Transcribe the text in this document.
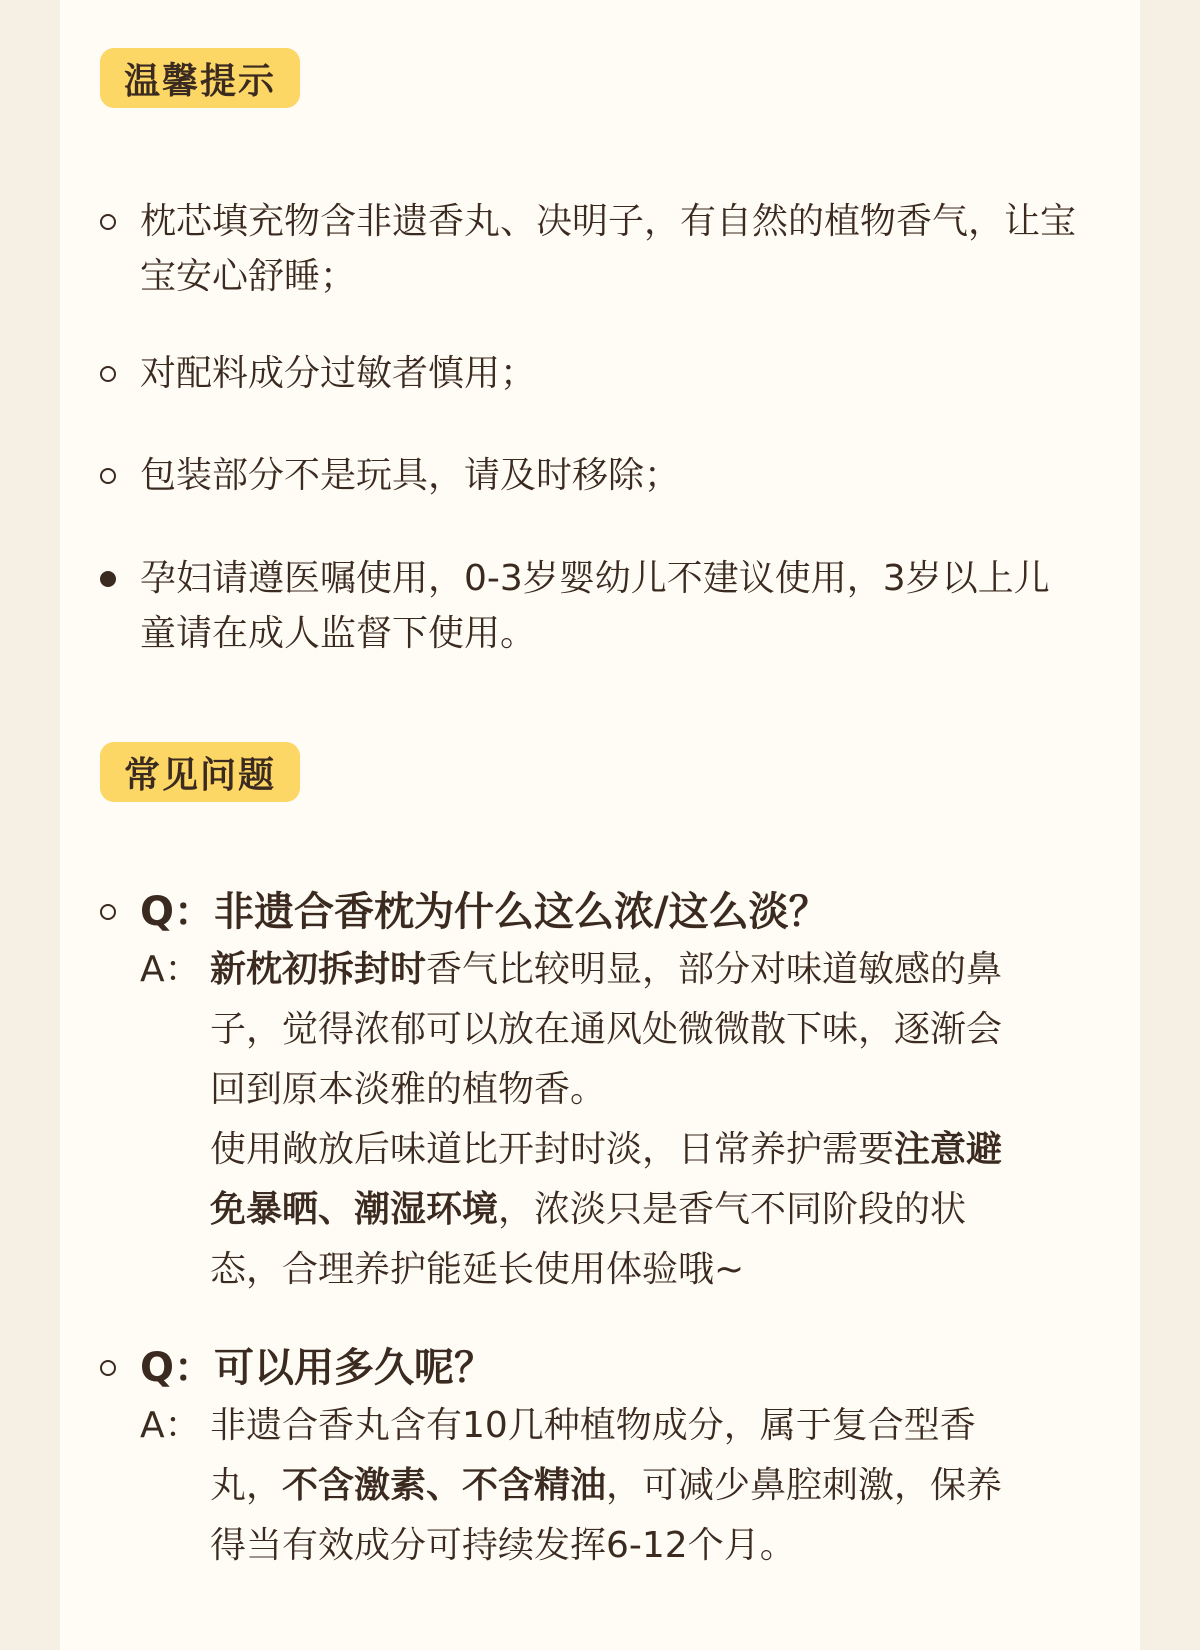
温馨提示
枕芯填充物含非遗香丸、决明子，有自然的植物香气，让宝宝安心舒睡；
对配料成分过敏者慎用；
包装部分不是玩具，请及时移除；
孕妇请遵医嘱使用，0-3岁婴幼儿不建议使用，3岁以上儿童请在成人监督下使用。
常见问题
Q：非遗合香枕为什么这么浓/这么淡？
A： 新枕初拆封时香气比较明显，部分对味道敏感的鼻子，觉得浓郁可以放在通风处微微散下味，逐渐会回到原本淡雅的植物香。
使用敞放后味道比开封时淡，日常养护需要注意避免暴晒、潮湿环境，浓淡只是香气不同阶段的状态，合理养护能延长使用体验哦~
Q：可以用多久呢？
A： 非遗合香丸含有10几种植物成分，属于复合型香丸，不含激素、不含精油，可减少鼻腔刺激，保养得当有效成分可持续发挥6-12个月。
